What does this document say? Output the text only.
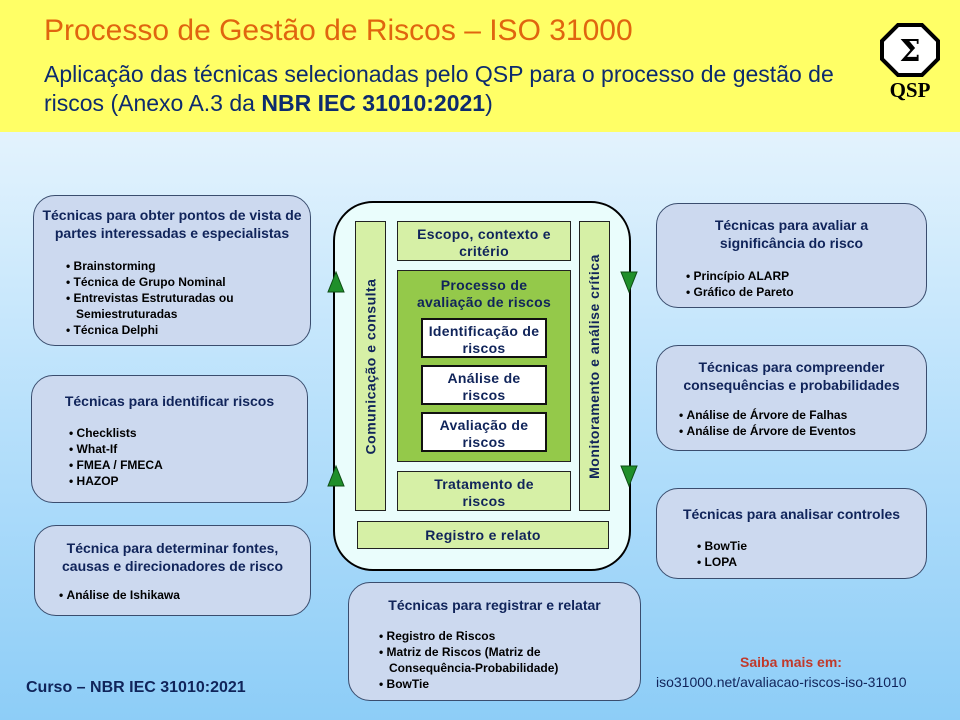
Processo de Gestão de Riscos – ISO 31000
Aplicação das técnicas selecionadas pelo QSP para o processo de gestão de riscos (Anexo A.3 da NBR IEC 31010:2021)
Σ
QSP
Técnicas para obter pontos de vista de partes interessadas e especialistas
• Brainstorming
• Técnica de Grupo Nominal
• Entrevistas Estruturadas ou
Semiestruturadas
• Técnica Delphi
Técnicas para identificar riscos
• Checklists
• What-If
• FMEA / FMECA
• HAZOP
Técnica para determinar fontes, causas e direcionadores de risco
• Análise de Ishikawa
Técnicas para avaliar a significância do risco
• Princípio ALARP
• Gráfico de Pareto
Técnicas para compreender consequências e probabilidades
• Análise de Árvore de Falhas
• Análise de Árvore de Eventos
Técnicas para analisar controles
• BowTie
• LOPA
Técnicas para registrar e relatar
• Registro de Riscos
• Matriz de Riscos (Matriz de
Consequência-Probabilidade)
• BowTie
Comunicação e consulta	Monitoramento e análise crítica
Escopo, contexto e critério
Processo de avaliação de riscos
Identificação de riscos
Análise de riscos
Avaliação de riscos
Tratamento de riscos
Registro e relato
Curso – NBR IEC 31010:2021
Saiba mais em:
iso31000.net/avaliacao-riscos-iso-31010
